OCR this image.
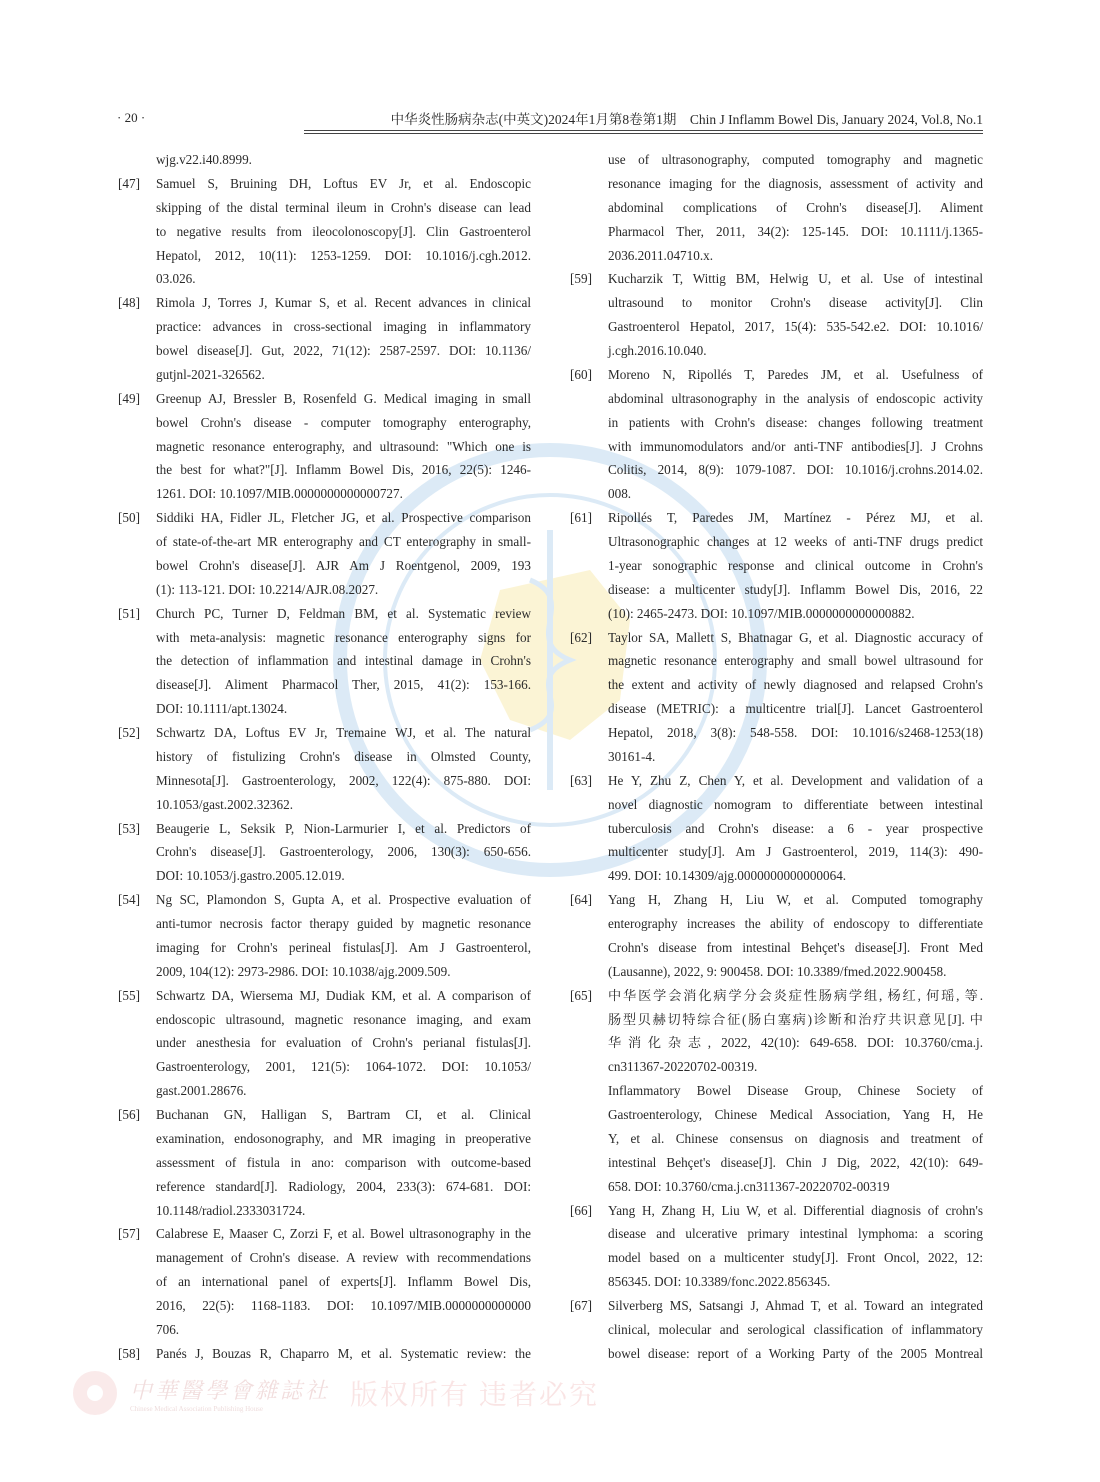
· 20 ·	中华炎性肠病杂志(中英文)2024年1月第8卷第1期　Chin J Inflamm Bowel Dis, January 2024, Vol.8, No.1
wjg.v22.i40.8999.
[47] Samuel S, Bruining DH, Loftus EV Jr, et al. Endoscopic
skipping of the distal terminal ileum in Crohn's disease can lead
to negative results from ileocolonoscopy[J]. Clin Gastroenterol
Hepatol, 2012, 10(11): 1253-1259. DOI: 10.1016/j.cgh.2012.
03.026.
[48] Rimola J, Torres J, Kumar S, et al. Recent advances in clinical
practice: advances in cross-sectional imaging in inflammatory
bowel disease[J]. Gut, 2022, 71(12): 2587-2597. DOI: 10.1136/
gutjnl-2021-326562.
[49] Greenup AJ, Bressler B, Rosenfeld G. Medical imaging in small
bowel Crohn's disease - computer tomography enterography,
magnetic resonance enterography, and ultrasound: "Which one is
the best for what?"[J]. Inflamm Bowel Dis, 2016, 22(5): 1246-
1261. DOI: 10.1097/MIB.0000000000000727.
[50] Siddiki HA, Fidler JL, Fletcher JG, et al. Prospective comparison
of state-of-the-art MR enterography and CT enterography in small-
bowel Crohn's disease[J]. AJR Am J Roentgenol, 2009, 193
(1): 113-121. DOI: 10.2214/AJR.08.2027.
[51] Church PC, Turner D, Feldman BM, et al. Systematic review
with meta-analysis: magnetic resonance enterography signs for
the detection of inflammation and intestinal damage in Crohn's
disease[J]. Aliment Pharmacol Ther, 2015, 41(2): 153-166.
DOI: 10.1111/apt.13024.
[52] Schwartz DA, Loftus EV Jr, Tremaine WJ, et al. The natural
history of fistulizing Crohn's disease in Olmsted County,
Minnesota[J]. Gastroenterology, 2002, 122(4): 875-880. DOI:
10.1053/gast.2002.32362.
[53] Beaugerie L, Seksik P, Nion-Larmurier I, et al. Predictors of
Crohn's disease[J]. Gastroenterology, 2006, 130(3): 650-656.
DOI: 10.1053/j.gastro.2005.12.019.
[54] Ng SC, Plamondon S, Gupta A, et al. Prospective evaluation of
anti-tumor necrosis factor therapy guided by magnetic resonance
imaging for Crohn's perineal fistulas[J]. Am J Gastroenterol,
2009, 104(12): 2973-2986. DOI: 10.1038/ajg.2009.509.
[55] Schwartz DA, Wiersema MJ, Dudiak KM, et al. A comparison of
endoscopic ultrasound, magnetic resonance imaging, and exam
under anesthesia for evaluation of Crohn's perianal fistulas[J].
Gastroenterology, 2001, 121(5): 1064-1072. DOI: 10.1053/
gast.2001.28676.
[56] Buchanan GN, Halligan S, Bartram CI, et al. Clinical
examination, endosonography, and MR imaging in preoperative
assessment of fistula in ano: comparison with outcome-based
reference standard[J]. Radiology, 2004, 233(3): 674-681. DOI:
10.1148/radiol.2333031724.
[57] Calabrese E, Maaser C, Zorzi F, et al. Bowel ultrasonography in the
management of Crohn's disease. A review with recommendations
of an international panel of experts[J]. Inflamm Bowel Dis,
2016, 22(5): 1168-1183. DOI: 10.1097/MIB.0000000000000
706.
[58] Panés J, Bouzas R, Chaparro M, et al. Systematic review: the
use of ultrasonography, computed tomography and magnetic
resonance imaging for the diagnosis, assessment of activity and
abdominal complications of Crohn's disease[J]. Aliment
Pharmacol Ther, 2011, 34(2): 125-145. DOI: 10.1111/j.1365-
2036.2011.04710.x.
[59] Kucharzik T, Wittig BM, Helwig U, et al. Use of intestinal
ultrasound to monitor Crohn's disease activity[J]. Clin
Gastroenterol Hepatol, 2017, 15(4): 535-542.e2. DOI: 10.1016/
j.cgh.2016.10.040.
[60] Moreno N, Ripollés T, Paredes JM, et al. Usefulness of
abdominal ultrasonography in the analysis of endoscopic activity
in patients with Crohn's disease: changes following treatment
with immunomodulators and/or anti-TNF antibodies[J]. J Crohns
Colitis, 2014, 8(9): 1079-1087. DOI: 10.1016/j.crohns.2014.02.
008.
[61] Ripollés T, Paredes JM, Martínez - Pérez MJ, et al.
Ultrasonographic changes at 12 weeks of anti-TNF drugs predict
1-year sonographic response and clinical outcome in Crohn's
disease: a multicenter study[J]. Inflamm Bowel Dis, 2016, 22
(10): 2465-2473. DOI: 10.1097/MIB.0000000000000882.
[62] Taylor SA, Mallett S, Bhatnagar G, et al. Diagnostic accuracy of
magnetic resonance enterography and small bowel ultrasound for
the extent and activity of newly diagnosed and relapsed Crohn's
disease (METRIC): a multicentre trial[J]. Lancet Gastroenterol
Hepatol, 2018, 3(8): 548-558. DOI: 10.1016/s2468-1253(18)
30161-4.
[63] He Y, Zhu Z, Chen Y, et al. Development and validation of a
novel diagnostic nomogram to differentiate between intestinal
tuberculosis and Crohn's disease: a 6 - year prospective
multicenter study[J]. Am J Gastroenterol, 2019, 114(3): 490-
499. DOI: 10.14309/ajg.0000000000000064.
[64] Yang H, Zhang H, Liu W, et al. Computed tomography
enterography increases the ability of endoscopy to differentiate
Crohn's disease from intestinal Behçet's disease[J]. Front Med
(Lausanne), 2022, 9: 900458. DOI: 10.3389/fmed.2022.900458.
[65] 中华医学会消化病学分会炎症性肠病学组, 杨红, 何瑶, 等.
肠型贝赫切特综合征(肠白塞病)诊断和治疗共识意见[J]. 中
华消化杂志, 2022, 42(10): 649-658. DOI: 10.3760/cma.j.
cn311367-20220702-00319.
Inflammatory Bowel Disease Group, Chinese Society of
Gastroenterology, Chinese Medical Association, Yang H, He
Y, et al. Chinese consensus on diagnosis and treatment of
intestinal Behçet's disease[J]. Chin J Dig, 2022, 42(10): 649-
658. DOI: 10.3760/cma.j.cn311367-20220702-00319
[66] Yang H, Zhang H, Liu W, et al. Differential diagnosis of crohn's
disease and ulcerative primary intestinal lymphoma: a scoring
model based on a multicenter study[J]. Front Oncol, 2022, 12:
856345. DOI: 10.3389/fonc.2022.856345.
[67] Silverberg MS, Satsangi J, Ahmad T, et al. Toward an integrated
clinical, molecular and serological classification of inflammatory
bowel disease: report of a Working Party of the 2005 Montreal
中華醫學會雜誌社
Chinese Medical Association Publishing House	版权所有 违者必究
